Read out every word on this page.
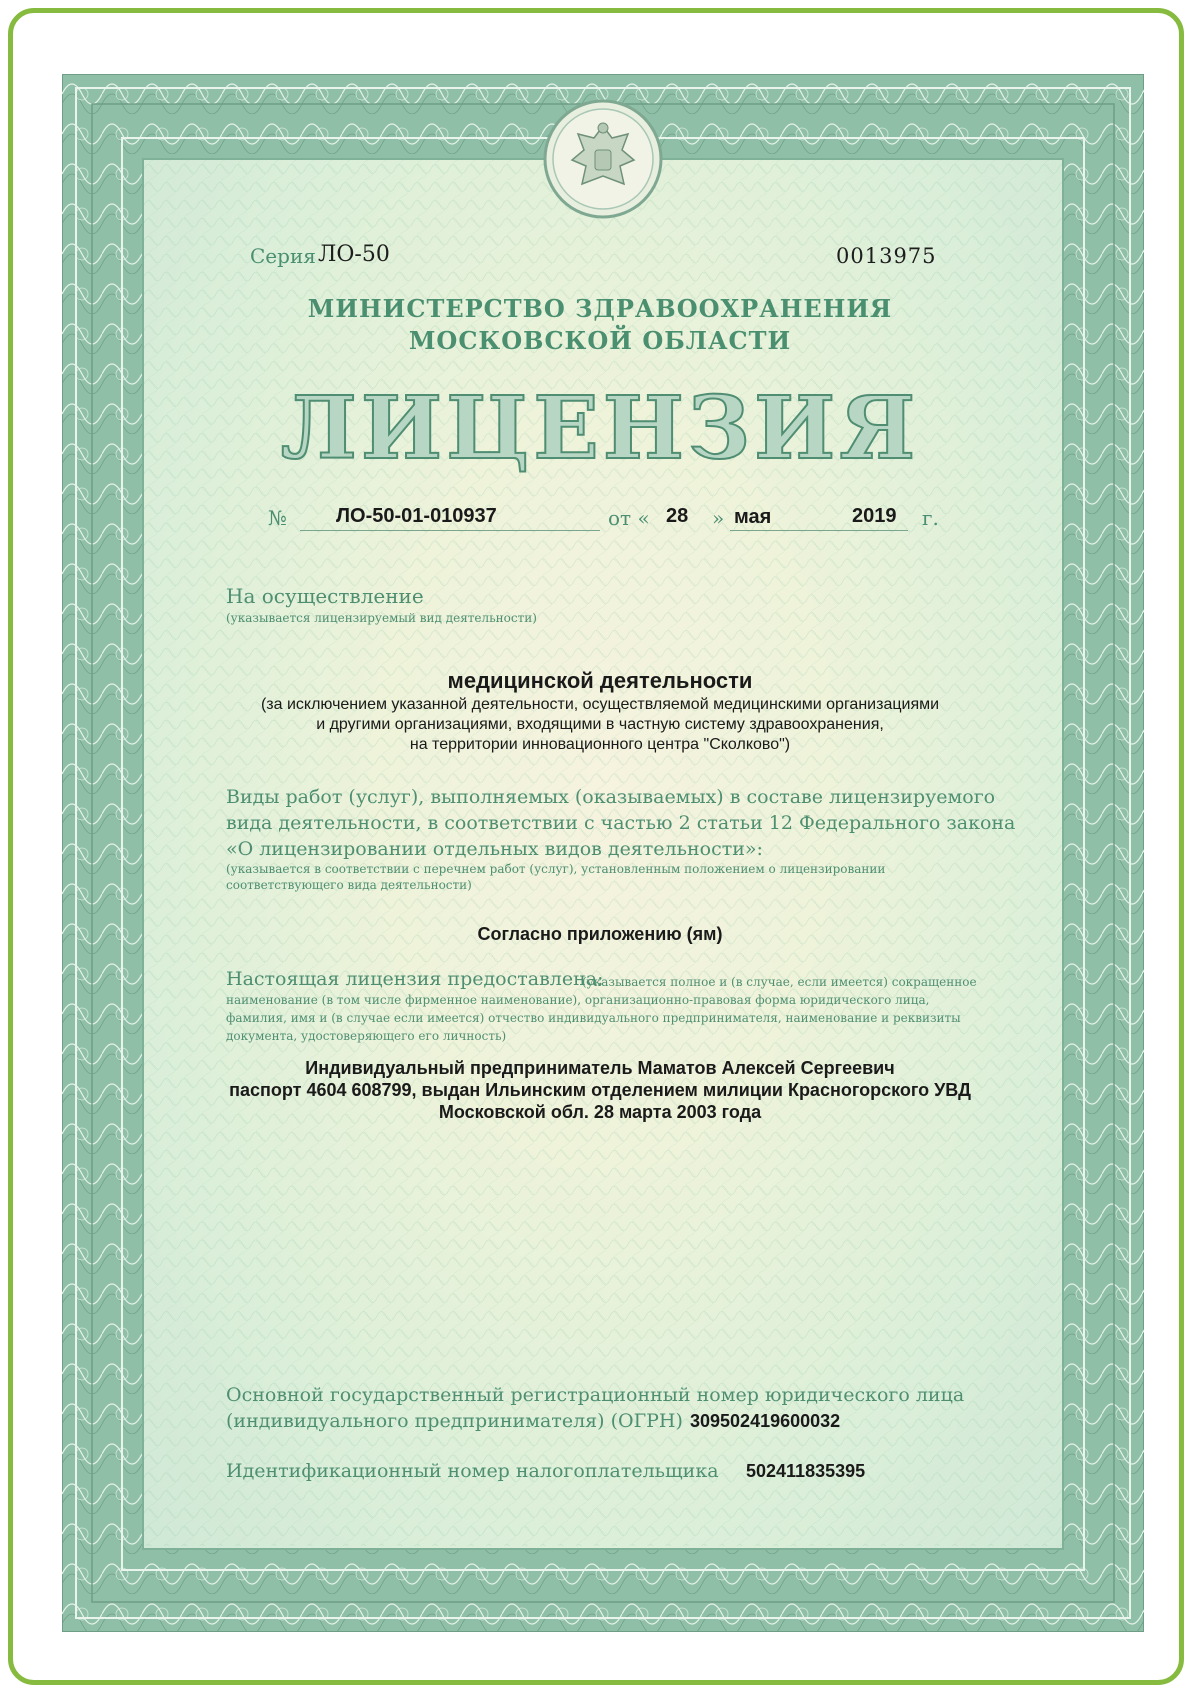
Серия ЛО-50	0013975
МИНИСТЕРСТВО ЗДРАВООХРАНЕНИЯ
МОСКОВСКОЙ ОБЛАСТИ
ЛИЦЕНЗИЯ
№ ЛО-50-01-010937	от « 28 » мая	2019 г.
На осуществление
(указывается лицензируемый вид деятельности)
медицинской деятельности
(за исключением указанной деятельности, осуществляемой медицинскими организациями
и другими организациями, входящими в частную систему здравоохранения,
на территории инновационного центра "Сколково")
Виды работ (услуг), выполняемых (оказываемых) в составе лицензируемого
вида деятельности, в соответствии с частью 2 статьи 12 Федерального закона
«О лицензировании отдельных видов деятельности»:
(указывается в соответствии с перечнем работ (услуг), установленным положением о лицензировании
соответствующего вида деятельности)
Согласно приложению (ям)
Настоящая лицензия предоставлена:
(указывается полное и (в случае, если имеется) сокращенное
наименование (в том числе фирменное наименование), организационно-правовая форма юридического лица,
фамилия, имя и (в случае если имеется) отчество индивидуального предпринимателя, наименование и реквизиты
документа, удостоверяющего его личность)
Индивидуальный предприниматель Маматов Алексей Сергеевич
паспорт 4604 608799, выдан Ильинским отделением милиции Красногорского УВД
Московской обл. 28 марта 2003 года
Основной государственный регистрационный номер юридического лица
(индивидуального предпринимателя) (ОГРН) 309502419600032
Идентификационный номер налогоплательщика 502411835395
